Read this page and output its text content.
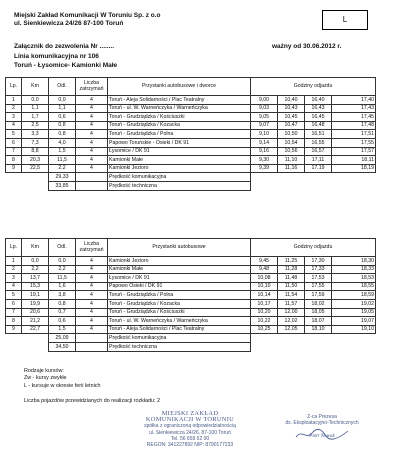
Miejski Zakład Komunikacji W Toruniu Sp. z o.o
ul. Sienkiewicza 24/26 87-100 Toruń	L
Załącznik do zezwolenia Nr ........	ważny od 30.06.2012 r.
Linia komunikacyjna nr 106
Toruń - Łysomice- Kamionki Małe
Lp.	Km	Odl.	Liczba zatrzymań	Przystanki autobusowe i dworce	Godziny odjazdu			
1	0,0	0,0	4	Toruń - Aleja Solidarności / Plac Teatralny	9,00	10,40	16,40	17,40
2	1,1	1,1	4	Toruń - ul. W. Warneńczyka / Warneńczyka	9,03	10,43	16,43	17,43
3	1,7	0,6	4	Toruń - Grudziądzka / Kościuszki	9,05	10,45	16,45	17,45
4	2,5	0,8	4	Toruń - Grudziądzka / Kozacka	9,07	10,47	16,48	17,48
5	3,3	0,8	4	Toruń - Grudziądzka / Polna	9,10	10,50	16,51	17,51
6	7,3	4,0	4	Papowo Toruńskie - Osieki / DK 91	9,14	10,54	16,55	17,55
7	8,8	1,5	4	Łysomice / DK 91	9,16	10,56	16,57	17,57
8	20,3	11,5	4	Kamionki Małe	9,30	11,10	17,11	18,11
9	22,5	2,2	4	Kamionki Jezioro	9,39	11,16	17,19	18,19
		29,33		Prędkość komunikacyjna				
		33,85		Prędkość techniczna				
Lp.	Km	Odl.	Liczba zatrzymań	Przystanki autobusowe	Godziny odjazdu			
1	0,0	0,0	4	Kamionki Jezioro	9,45	11,25	17,30	18,30
2	2,2	2,2	4	Kamionki Małe	9,48	11,28	17,33	18,33
3	13,7	11,5	4	Łysomice / DK 91	10,08	11,48	17,53	18,53
4	15,3	1,6	4	Papowo Osieki / DK 91	10,10	11,50	17,55	18,55
5	19,1	3,8	4	Toruń - Grudziądzka / Polna	10,14	11,54	17,59	18,59
6	19,9	0,8	4	Toruń - Grudziądzka / Kozacka	10,17	11,57	18,02	19,02
7	20,6	0,7	4	Toruń - Grudziądzka / Kościuszki	10,20	12,00	18,05	19,05
8	21,2	0,6	4	Toruń - ul. W. Warneńczyka / Warneńczyka	10,22	12,02	18,07	19,07
9	22,7	1,5	4	Toruń - Aleja Solidarności / Plac Teatralny	10,25	12,05	18,10	19,10
		25,09		Prędkość komunikacyjna				
		34,50		Prędkość techniczna				
Rodzaje kursów:
Zw - kursy zwykłe
L - kursuje w okresie ferii letnich
Liczba pojazdów przewidzianych do realizacji rozkładu: 2
MIEJSKI ZAKŁAD
KOMUNIKACJI W TORUNIU
spółka z ograniczoną odpowiedzialnością
ul. Sienkiewicza 24/26, 87-100 Toruń
Tel. 56 659 52 00
REGON: 341227892 NIP: 8790177233
Z-ca Prezesa
ds. Eksploatacyjno-Technicznych
Piotr Nowak
